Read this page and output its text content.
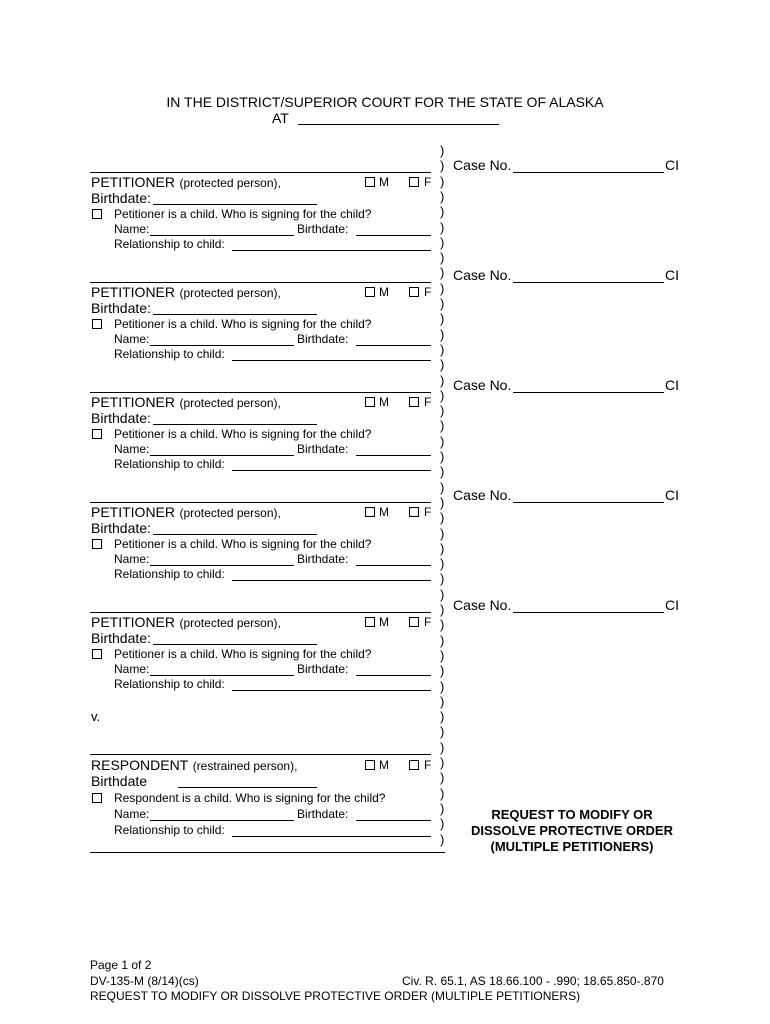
IN THE DISTRICT/SUPERIOR COURT FOR THE STATE OF ALASKA
AT
)
)
)
)
)
)
)
)
)
)
)
)
)
)
)
)
)
)
)
)
)
)
)
)
)
)
)
)
)
)
)
)
)
)
)
)
)
)
)
)
)
)
)
)
)
)
Case No.	CI
PETITIONER (protected person),	M	F
Birthdate:
Petitioner is a child. Who is signing for the child?
Name:	Birthdate:
Relationship to child:
Case No.	CI
PETITIONER (protected person),	M	F
Birthdate:
Petitioner is a child. Who is signing for the child?
Name:	Birthdate:
Relationship to child:
Case No.	CI
PETITIONER (protected person),	M	F
Birthdate:
Petitioner is a child. Who is signing for the child?
Name:	Birthdate:
Relationship to child:
Case No.	CI
PETITIONER (protected person),	M	F
Birthdate:
Petitioner is a child. Who is signing for the child?
Name:	Birthdate:
Relationship to child:
Case No.	CI
PETITIONER (protected person),	M	F
Birthdate:
Petitioner is a child. Who is signing for the child?
Name:	Birthdate:
Relationship to child:
v.
RESPONDENT (restrained person),	M	F
Birthdate
Respondent is a child. Who is signing for the child?
Name:	Birthdate:
Relationship to child:
REQUEST TO MODIFY OR
DISSOLVE PROTECTIVE ORDER
(MULTIPLE PETITIONERS)
Page 1 of 2
DV-135-M (8/14)(cs)	Civ. R. 65.1, AS 18.66.100 - .990; 18.65.850-.870
REQUEST TO MODIFY OR DISSOLVE PROTECTIVE ORDER (MULTIPLE PETITIONERS)
